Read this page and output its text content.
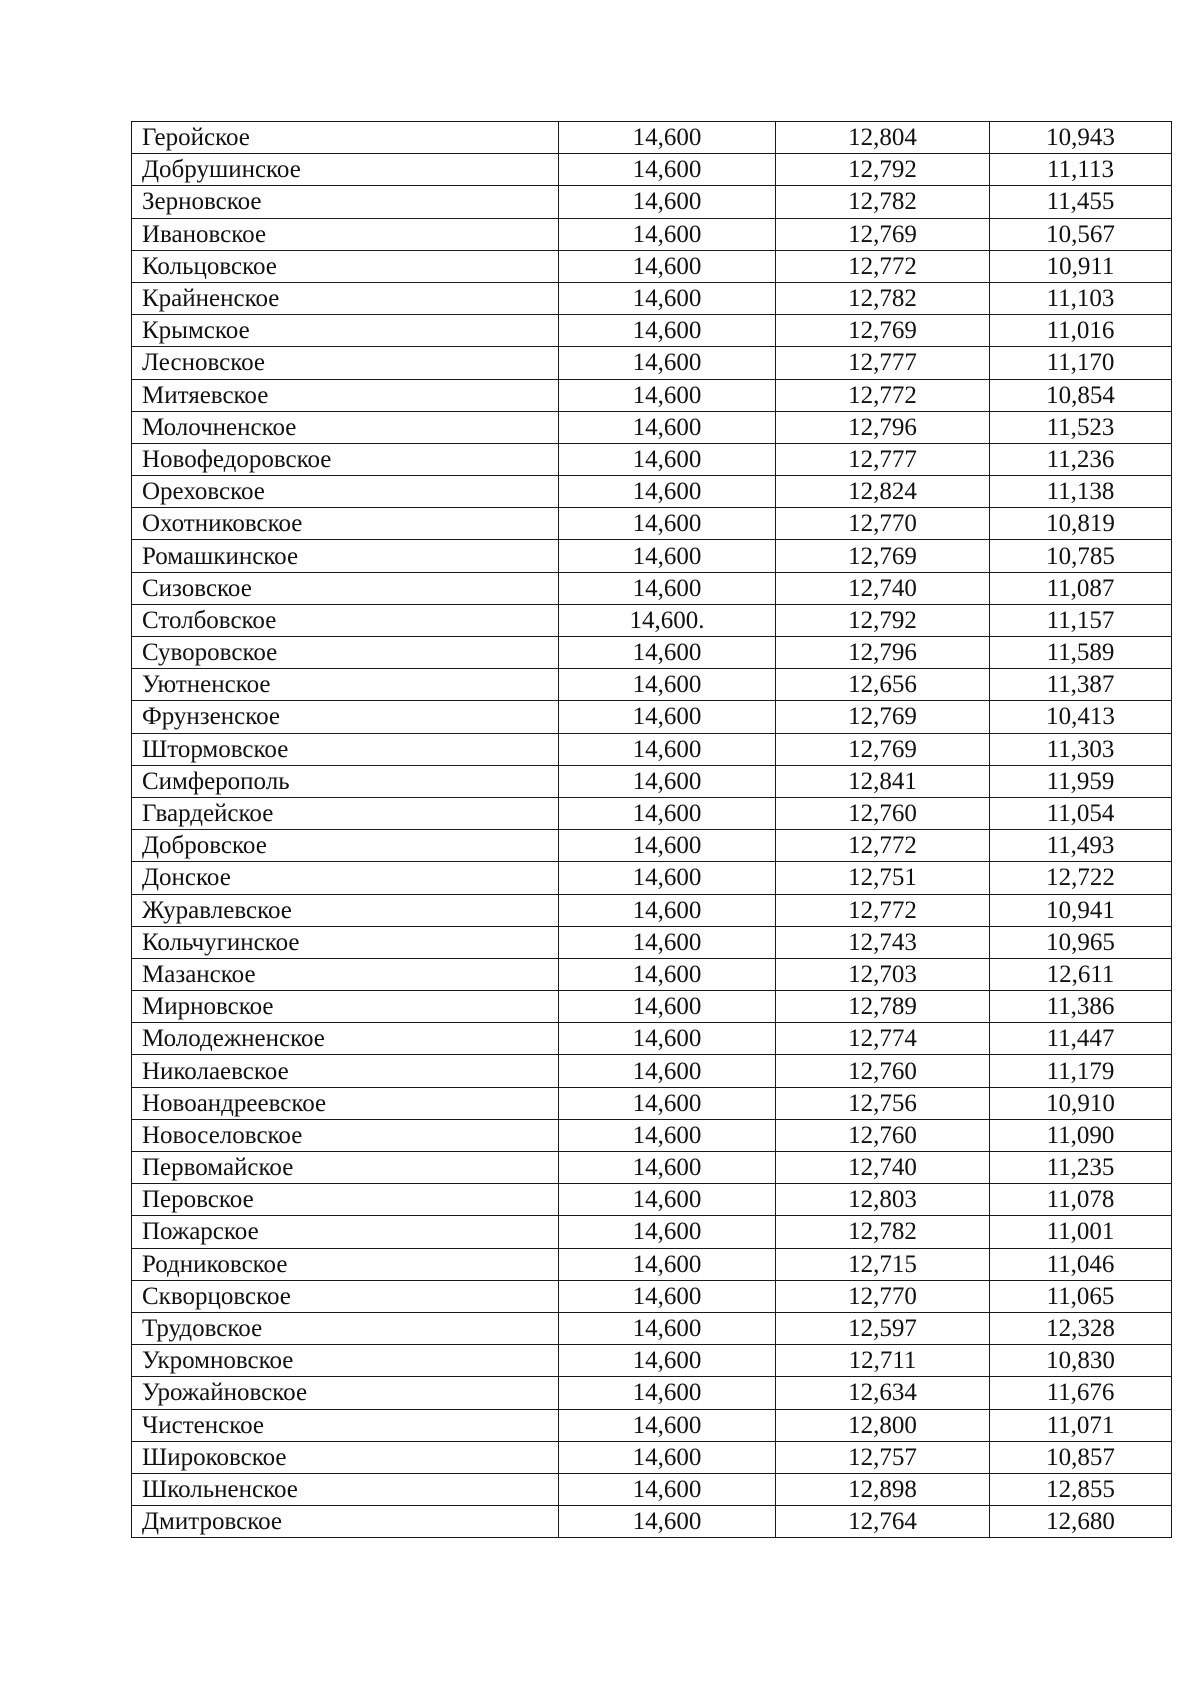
Геройское	14,600	12,804	10,943
Добрушинское	14,600	12,792	11,113
Зерновское	14,600	12,782	11,455
Ивановское	14,600	12,769	10,567
Кольцовское	14,600	12,772	10,911
Крайненское	14,600	12,782	11,103
Крымское	14,600	12,769	11,016
Лесновское	14,600	12,777	11,170
Митяевское	14,600	12,772	10,854
Молочненское	14,600	12,796	11,523
Новофедоровское	14,600	12,777	11,236
Ореховское	14,600	12,824	11,138
Охотниковское	14,600	12,770	10,819
Ромашкинское	14,600	12,769	10,785
Сизовское	14,600	12,740	11,087
Столбовское	14,600.	12,792	11,157
Суворовское	14,600	12,796	11,589
Уютненское	14,600	12,656	11,387
Фрунзенское	14,600	12,769	10,413
Штормовское	14,600	12,769	11,303
Симферополь	14,600	12,841	11,959
Гвардейское	14,600	12,760	11,054
Добровское	14,600	12,772	11,493
Донское	14,600	12,751	12,722
Журавлевское	14,600	12,772	10,941
Кольчугинское	14,600	12,743	10,965
Мазанское	14,600	12,703	12,611
Мирновское	14,600	12,789	11,386
Молодежненское	14,600	12,774	11,447
Николаевское	14,600	12,760	11,179
Новоандреевское	14,600	12,756	10,910
Новоселовское	14,600	12,760	11,090
Первомайское	14,600	12,740	11,235
Перовское	14,600	12,803	11,078
Пожарское	14,600	12,782	11,001
Родниковское	14,600	12,715	11,046
Скворцовское	14,600	12,770	11,065
Трудовское	14,600	12,597	12,328
Укромновское	14,600	12,711	10,830
Урожайновское	14,600	12,634	11,676
Чистенское	14,600	12,800	11,071
Широковское	14,600	12,757	10,857
Школьненское	14,600	12,898	12,855
Дмитровское	14,600	12,764	12,680
